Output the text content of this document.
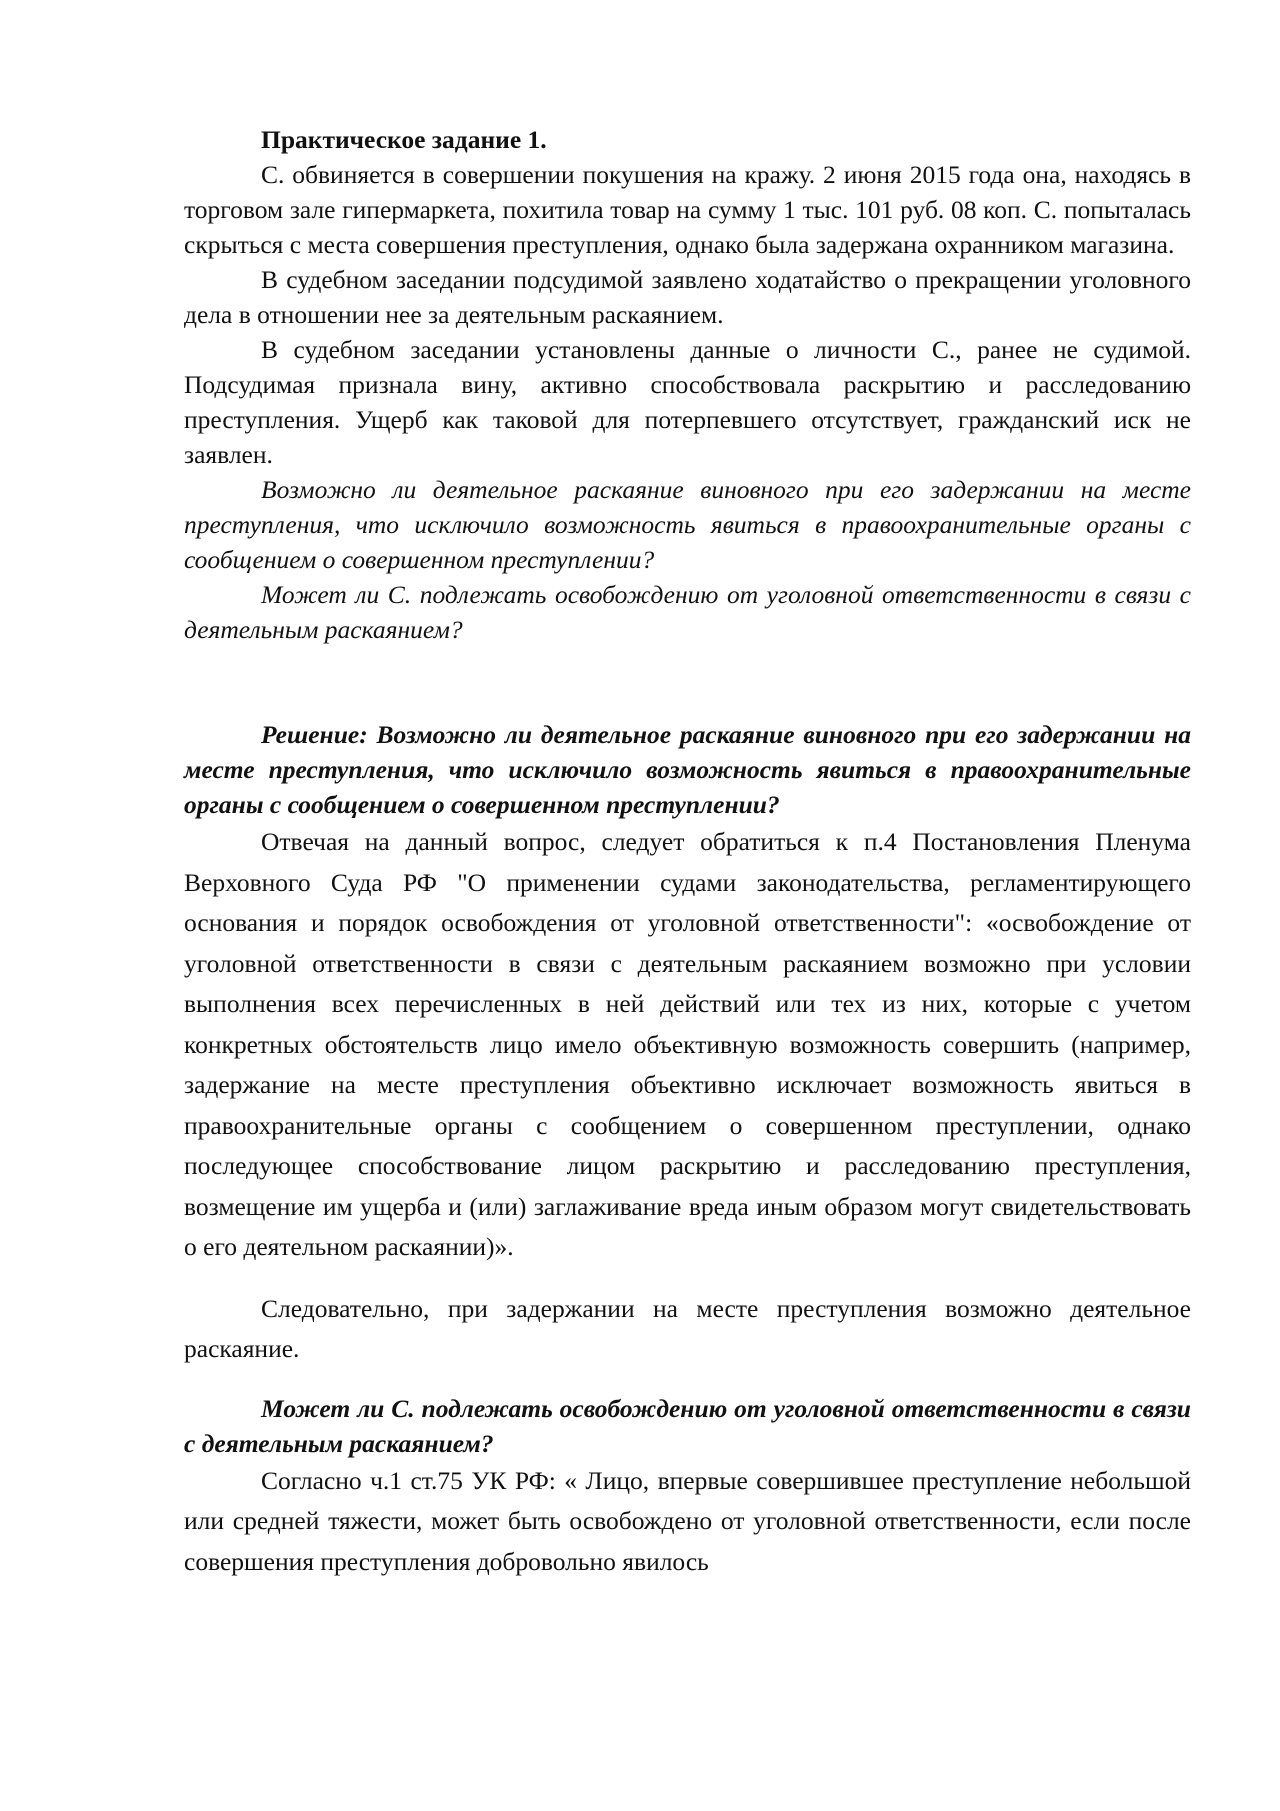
Практическое задание 1.

С. обвиняется в совершении покушения на кражу. 2 июня 2015 года она, находясь в торговом зале гипермаркета, похитила товар на сумму 1 тыс. 101 руб. 08 коп. С. попыталась скрыться с места совершения преступления, однако была задержана охранником магазина.

В судебном заседании подсудимой заявлено ходатайство о прекращении уголовного дела в отношении нее за деятельным раскаянием.

В судебном заседании установлены данные о личности С., ранее не судимой. Подсудимая признала вину, активно способствовала раскрытию и расследованию преступления. Ущерб как таковой для потерпевшего отсутствует, гражданский иск не заявлен.

Возможно ли деятельное раскаяние виновного при его задержании на месте преступления, что исключило возможность явиться в правоохранительные органы с сообщением о совершенном преступлении?

Может ли С. подлежать освобождению от уголовной ответственности в связи с деятельным раскаянием?

Решение: Возможно ли деятельное раскаяние виновного при его задержании на месте преступления, что исключило возможность явиться в правоохранительные органы с сообщением о совершенном преступлении?

Отвечая на данный вопрос, следует обратиться к п.4 Постановления Пленума Верховного Суда РФ "О применении судами законодательства, регламентирующего основания и порядок освобождения от уголовной ответственности": «освобождение от уголовной ответственности в связи с деятельным раскаянием возможно при условии выполнения всех перечисленных в ней действий или тех из них, которые с учетом конкретных обстоятельств лицо имело объективную возможность совершить (например, задержание на месте преступления объективно исключает возможность явиться в правоохранительные органы с сообщением о совершенном преступлении, однако последующее способствование лицом раскрытию и расследованию преступления, возмещение им ущерба и (или) заглаживание вреда иным образом могут свидетельствовать о его деятельном раскаянии)».

Следовательно, при задержании на месте преступления возможно деятельное раскаяние.

Может ли С. подлежать освобождению от уголовной ответственности в связи с деятельным раскаянием?

Согласно ч.1 ст.75 УК РФ: « Лицо, впервые совершившее преступление небольшой или средней тяжести, может быть освобождено от уголовной ответственности, если после совершения преступления добровольно явилось
